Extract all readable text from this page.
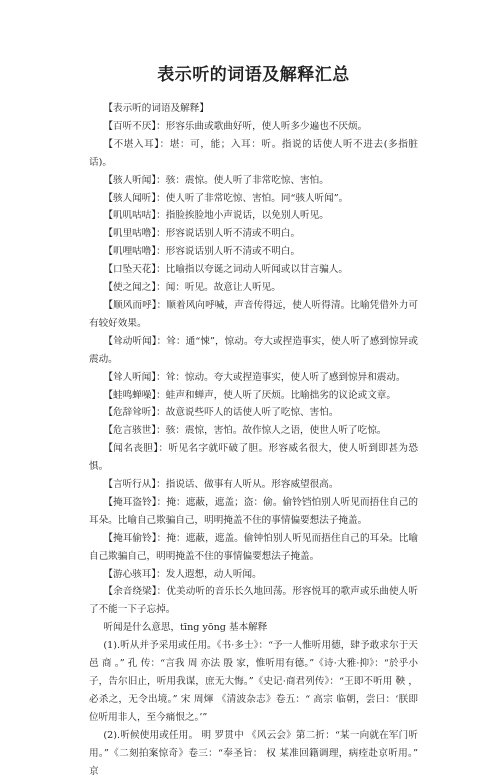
表示听的词语及解释汇总

【表示听的词语及解释】

【百听不厌】：形容乐曲或歌曲好听，使人听多少遍也不厌烦。

【不堪入耳】：堪：可，能；入耳：听。指说的话使人听不进去(多指脏话)。

【骇人听闻】：骇：震惊。使人听了非常吃惊、害怕。

【骇人闻听】：使人听了非常吃惊、害怕。同“骇人听闻”。

【叽叽咕咕】：指脸挨脸地小声说话，以免别人听见。

【叽里咕噜】：形容说话别人听不清或不明白。

【叽哩咕噜】：形容说话别人听不清或不明白。

【口坠天花】：比喻指以夸诞之词动人听闻或以甘言骗人。

【使之闻之】：闻：听见。故意让人听见。

【顺风而呼】：顺着风向呼喊，声音传得远，使人听得清。比喻凭借外力可有较好效果。

【耸动听闻】：耸：通“悚”，惊动。夸大或捏造事实，使人听了感到惊异或震动。

【耸人听闻】：耸：惊动。夸大或捏造事实，使人听了感到惊异和震动。

【蛙鸣蝉噪】：蛙声和蝉声，使人听了厌烦。比喻拙劣的议论或文章。

【危辞耸听】：故意说些吓人的话使人听了吃惊、害怕。

【危言骇世】：骇：震惊，害怕。故作惊人之语，使世人听了吃惊。

【闻名丧胆】：听见名字就吓破了胆。形容威名很大，使人听到即甚为恐惧。

【言听行从】：指说话、做事有人听从。形容威望很高。

【掩耳盗铃】：掩：遮蔽，遮盖；盗：偷。偷铃铛怕别人听见而捂住自己的耳朵。比喻自己欺骗自己，明明掩盖不住的事情偏要想法子掩盖。

【掩耳偷铃】：掩：遮蔽，遮盖。偷钟怕别人听见而捂住自己的耳朵。比喻自己欺骗自己，明明掩盖不住的事情偏要想法子掩盖。

【游心骇耳】：发人遐想，动人听闻。

【余音绕梁】：优美动听的音乐长久地回荡。形容悦耳的歌声或乐曲使人听了不能一下子忘掉。

听闻是什么意思，tīng yōng 基本解释

(1).听从并予采用或任用。《书·多士》：“予一人惟听用德，肆予敢求尔于天邑 商 。” 孔 传：“言我 周 亦法 殷 家，惟听用有德。”《诗·大雅·抑》：“於乎小子，告尔旧止，听用我谋，庶无大悔。”《史记·商君列传》：“王即不听用 鞅 ，必杀之，无令出境。” 宋 周煇 《清波杂志》卷五：“ 高宗 临朝，尝曰：‘朕即位听用非人，至今痛恨之。’”

(2).听候使用或任用。 明 罗贯中 《风云会》第二折：“某一向就在军门听用。”《二刻拍案惊奇》卷三：“奉圣旨： 权 某准回籍调理，病痊赴京听用。” 京
